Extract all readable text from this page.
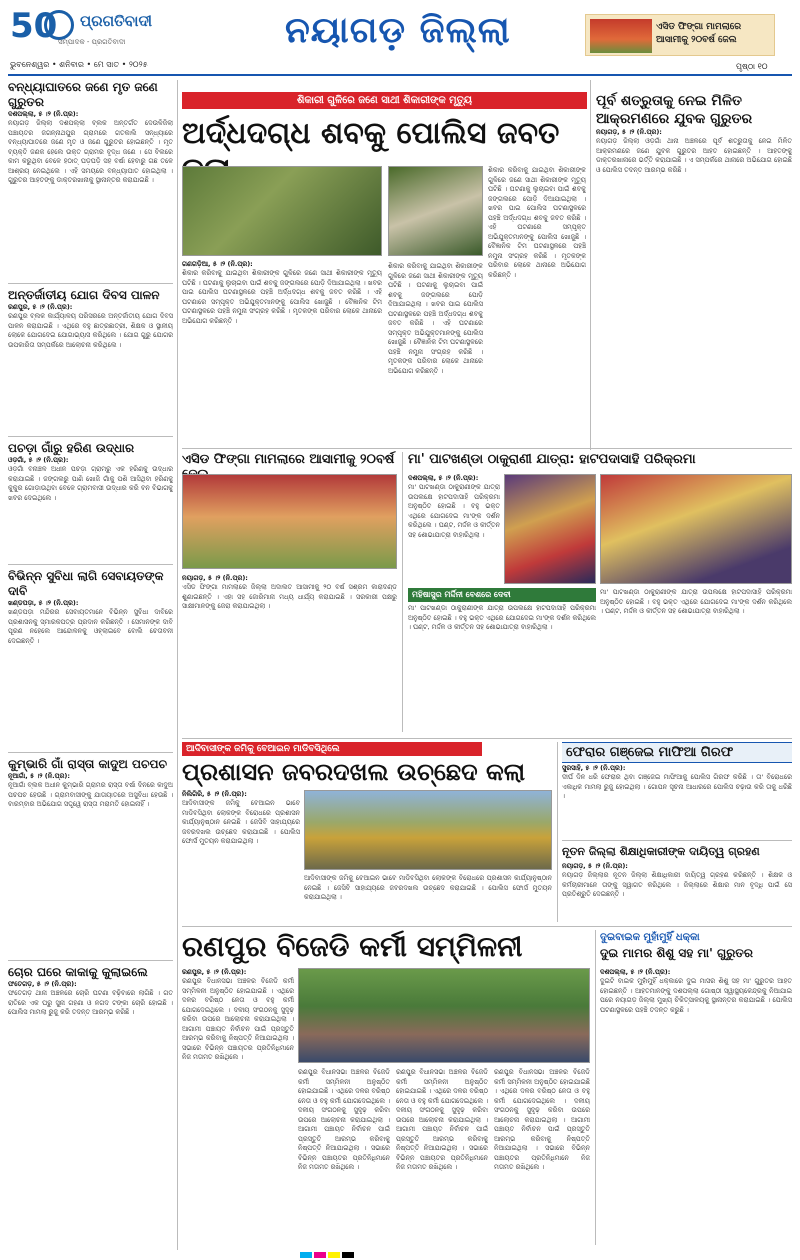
50 ପ୍ରଗତିବାଦୀ
ସମ୍ପାଦକ - ପ୍ରଗତିବାଦୀ
ଭୁବନେଶ୍ୱର • ଶନିବାର • ମେ ସାତ • ୨୦୨୫
ନୟାଗଡ଼ ଜିଲ୍ଲା	ଏସିଡ ଫିଙ୍ଗା ମାମଲାରେ ଆସାମୀକୁ ୨୦ବର୍ଷ ଜେଲ
ପୃଷ୍ଠା ୧୦
ବନ୍ଧ୍ୟାଘାତରେ ଜଣେ ମୃତ ଜଣେ ଗୁରୁତର
ଦଶପଲ୍ଲା, ୫ ।୨ (ନି.ପ୍ର):
ନୟାଗଡ଼ ଜିଲ୍ଲା ଦଶପଲ୍ଲା ବ୍ଲକ ଅନ୍ତର୍ଗତ ଦେଉଳିଜିଲା ପଞ୍ଚାୟତର ଜଗନ୍ନାଥପୁର ଗ୍ରାମରେ ଗତକାଲି ସନ୍ଧ୍ୟାରେ ବନ୍ଧ୍ୟାଘାତରେ ଜଣେ ମୃତ ଓ ଜଣେ ଗୁରୁତର ହୋଇଛନ୍ତି । ମୃତ ବ୍ୟକ୍ତି ଜଣକ ହେଲେ ଉକ୍ତ ଗ୍ରାମର ବୃଦ୍ଧ ଜଣେ । ସେ ବିଲରେ କାମ କରୁଥିବା ବେଳେ ହଠାତ୍ ଘଡ଼ଘଡ଼ି ସହ ବର୍ଷା ହେବାରୁ ଗଛ ତଳେ ଆଶ୍ରୟ ନେଇଥିଲେ । ଏହି ସମୟରେ ବନ୍ଧ୍ୟାଘାତ ହୋଇଥିଲା । ଗୁରୁତର ଆହତଙ୍କୁ ଡାକ୍ତରଖାନାକୁ ସ୍ଥାନାନ୍ତର କରାଯାଇଛି ।
ଅନ୍ତର୍ଜାତୀୟ ଯୋଗ ଦିବସ ପାଳନ
ରଣପୁର, ୫ ।୨ (ନି.ପ୍ର):
ରଣପୁର ବ୍ଲକ କାର୍ଯ୍ୟାଳୟ ପରିସରରେ ଅନ୍ତର୍ଜାତୀୟ ଯୋଗ ଦିବସ ପାଳନ କରାଯାଇଛି । ଏଥିରେ ବହୁ ଛାତ୍ରଛାତ୍ରୀ, ଶିକ୍ଷକ ଓ ସ୍ଥାନୀୟ ଲୋକେ ଯୋଗଦେଇ ଯୋଗାଭ୍ୟାସ କରିଥିଲେ । ଯୋଗ ଗୁରୁ ଯୋଗର ଉପକାରିତା ସମ୍ପର୍କରେ ଆଲୋଚନା କରିଥିଲେ ।
ପଚଡ଼ା ଗାଁରୁ ହରିଣ ଉଦ୍ଧାର
ଓଡ଼ଗାଁ, ୫ ।୨ (ନି.ପ୍ର):
ଓଡ଼ଗାଁ ବନାଞ୍ଚଳ ଅଧୀନ ପଚଡ଼ା ଗ୍ରାମରୁ ଏକ ହରିଣକୁ ଉଦ୍ଧାର କରାଯାଇଛି । ଜଙ୍ଗଲରୁ ପାଣି ଖୋଜି ଗାଁକୁ ପଶି ଆସିଥିବା ହରିଣକୁ କୁକୁର ଗୋଡ଼ାଉଥିବା ବେଳେ ଗ୍ରାମବାସୀ ଉଦ୍ଧାର କରି ବନ ବିଭାଗକୁ ଖବର ଦେଇଥିଲେ ।
ବିଭିନ୍ନ ସୁବିଧା ଲାଗି ସେବାୟତଙ୍କ ଦାବି
ଖଣ୍ଡପଡ଼ା, ୫ ।୨ (ନି.ପ୍ର):
ଖଣ୍ଡପଡ଼ା ମନ୍ଦିରର ସେବାୟତମାନେ ବିଭିନ୍ନ ସୁବିଧା ଦାବିରେ ପ୍ରଶାସନକୁ ସ୍ମାରକପତ୍ର ପ୍ରଦାନ କରିଛନ୍ତି । ସେମାନଙ୍କ ଦାବି ପୂରଣ ନହେଲେ ଆନ୍ଦୋଳନକୁ ଓହ୍ଲାଇବେ ବୋଲି ଚେତାବନୀ ଦେଇଛନ୍ତି ।
କୁମ୍ଭାରି ଗାଁ ରାସ୍ତା କାଦୁଅ ପଚପଚ
ନୂଆଗାଁ, ୫ ।୨ (ନି.ପ୍ର):
ନୂଆଗାଁ ବ୍ଲକ ଅଧୀନ କୁମ୍ଭାରି ଗ୍ରାମର ରାସ୍ତା ବର୍ଷା ଦିନରେ କାଦୁଅ ପଚପଚ ହେଉଛି । ଗ୍ରାମବାସୀଙ୍କୁ ଯାତାୟାତରେ ଅସୁବିଧା ହେଉଛି । ବାରମ୍ବାର ଅଭିଯୋଗ ସତ୍ତ୍ୱେ ରାସ୍ତା ମରାମତି ହୋଇନାହିଁ ।
ଚୋର ଘରେ କାକାକୁ କୁଲାଇଲେ
ଫତେଗଡ଼, ୫ ।୨ (ନି.ପ୍ର):
ଫତେଗଡ଼ ଥାନା ଅଞ୍ଚଳରେ ଚୋରି ଘଟଣା ବଢ଼ିବାରେ ଲାଗିଛି । ଗତ ରାତିରେ ଏକ ଘରୁ ସୁନା ଗହଣା ଓ ନଗଦ ଟଙ୍କା ଚୋରି ହୋଇଛି । ପୋଲିସ ମାମଲା ରୁଜୁ କରି ତଦନ୍ତ ଆରମ୍ଭ କରିଛି ।
ଶିକାରୀ ଗୁଳିରେ ଜଣେ ସାଥୀ ଶିକାରୀଙ୍କ ମୃତ୍ୟୁ
ଅର୍ଦ୍ଧଦଗ୍ଧ ଶବକୁ ପୋଲିସ ଜବତ
ଗଣଗଡ଼ିଆ, ୫ ।୨ (ନି.ପ୍ର):
ଶିକାର କରିବାକୁ ଯାଇଥିବା ଶିକାରୀଙ୍କ ଗୁଳିରେ ଜଣେ ସାଥୀ ଶିକାରୀଙ୍କ ମୃତ୍ୟୁ ଘଟିଛି । ଘଟଣାକୁ ଲୁଚାଇବା ପାଇଁ ଶବକୁ ଜଙ୍ଗଲରେ ପୋଡ଼ି ଦିଆଯାଇଥିଲା । ଖବର ପାଇ ପୋଲିସ ଘଟଣାସ୍ଥଳରେ ପହଞ୍ଚି ଅର୍ଦ୍ଧଦଗ୍ଧ ଶବକୁ ଜବତ କରିଛି । ଏହି ଘଟଣାରେ ସମ୍ପୃକ୍ତ ଅଭିଯୁକ୍ତମାନଙ୍କୁ ପୋଲିସ ଖୋଜୁଛି । ବୈଜ୍ଞାନିକ ଟିମ ଘଟଣାସ୍ଥଳରେ ପହଞ୍ଚି ନମୁନା ସଂଗ୍ରହ କରିଛି । ମୃତକଙ୍କ ପରିବାର ଲୋକେ ଥାନାରେ ଅଭିଯୋଗ କରିଛନ୍ତି ।
ଶିକାର କରିବାକୁ ଯାଇଥିବା ଶିକାରୀଙ୍କ ଗୁଳିରେ ଜଣେ ସାଥୀ ଶିକାରୀଙ୍କ ମୃତ୍ୟୁ ଘଟିଛି । ଘଟଣାକୁ ଲୁଚାଇବା ପାଇଁ ଶବକୁ ଜଙ୍ଗଲରେ ପୋଡ଼ି ଦିଆଯାଇଥିଲା । ଖବର ପାଇ ପୋଲିସ ଘଟଣାସ୍ଥଳରେ ପହଞ୍ଚି ଅର୍ଦ୍ଧଦଗ୍ଧ ଶବକୁ ଜବତ କରିଛି । ଏହି ଘଟଣାରେ ସମ୍ପୃକ୍ତ ଅଭିଯୁକ୍ତମାନଙ୍କୁ ପୋଲିସ ଖୋଜୁଛି । ବୈଜ୍ଞାନିକ ଟିମ ଘଟଣାସ୍ଥଳରେ ପହଞ୍ଚି ନମୁନା ସଂଗ୍ରହ କରିଛି । ମୃତକଙ୍କ ପରିବାର ଲୋକେ ଥାନାରେ ଅଭିଯୋଗ କରିଛନ୍ତି ।
ଶିକାର କରିବାକୁ ଯାଇଥିବା ଶିକାରୀଙ୍କ ଗୁଳିରେ ଜଣେ ସାଥୀ ଶିକାରୀଙ୍କ ମୃତ୍ୟୁ ଘଟିଛି । ଘଟଣାକୁ ଲୁଚାଇବା ପାଇଁ ଶବକୁ ଜଙ୍ଗଲରେ ପୋଡ଼ି ଦିଆଯାଇଥିଲା । ଖବର ପାଇ ପୋଲିସ ଘଟଣାସ୍ଥଳରେ ପହଞ୍ଚି ଅର୍ଦ୍ଧଦଗ୍ଧ ଶବକୁ ଜବତ କରିଛି । ଏହି ଘଟଣାରେ ସମ୍ପୃକ୍ତ ଅଭିଯୁକ୍ତମାନଙ୍କୁ ପୋଲିସ ଖୋଜୁଛି । ବୈଜ୍ଞାନିକ ଟିମ ଘଟଣାସ୍ଥଳରେ ପହଞ୍ଚି ନମୁନା ସଂଗ୍ରହ କରିଛି । ମୃତକଙ୍କ ପରିବାର ଲୋକେ ଥାନାରେ ଅଭିଯୋଗ କରିଛନ୍ତି ।
ପୂର୍ବ ଶତ୍ରୁତାକୁ ନେଇ ମିଳିତ ଆକ୍ରମଣରେ ଯୁବକ ଗୁରୁତର
ନୟାଗଡ଼, ୫ ।୨ (ନି.ପ୍ର):
ନୟାଗଡ଼ ଜିଲ୍ଲା ଓଡ଼ଗାଁ ଥାନା ଅଞ୍ଚଳରେ ପୂର୍ବ ଶତ୍ରୁତାକୁ ନେଇ ମିଳିତ ଆକ୍ରମଣରେ ଜଣେ ଯୁବକ ଗୁରୁତର ଆହତ ହୋଇଛନ୍ତି । ଆହତଙ୍କୁ ଡାକ୍ତରଖାନାରେ ଭର୍ତ୍ତି କରାଯାଇଛି । ଏ ସମ୍ପର୍କରେ ଥାନାରେ ଅଭିଯୋଗ ହୋଇଛି ଓ ପୋଲିସ ତଦନ୍ତ ଆରମ୍ଭ କରିଛି ।
ଏସିଡ ଫିଙ୍ଗା ମାମଲାରେ ଆସାମୀକୁ ୨୦ବର୍ଷ
ନୟାଗଡ଼, ୫ ।୨ (ନି.ପ୍ର):
ଏସିଡ ଫିଙ୍ଗା ମାମଲାରେ ଜିଲ୍ଲା ଅଦାଲତ ଆସାମୀକୁ ୨୦ ବର୍ଷ ସଶ୍ରମ କାରାଦଣ୍ଡ ଶୁଣାଇଛନ୍ତି । ଏହା ସହ ଜୋରିମାନା ମଧ୍ୟ ଧାର୍ଯ୍ୟ କରାଯାଇଛି । ସରକାରୀ ପକ୍ଷରୁ ସାକ୍ଷୀମାନଙ୍କୁ ଜେରା କରାଯାଇଥିଲା ।
ମା' ପାଟଖଣ୍ଡା ଠାକୁରାଣୀ ଯାତ୍ରା: ହାଟପଦାସାହି ପରିକ୍ରମା
ଦଶପଲ୍ଲା, ୫ ।୨ (ନି.ପ୍ର):
ମା' ପାଟଖଣ୍ଡା ଠାକୁରାଣୀଙ୍କ ଯାତ୍ରା ଉପଲକ୍ଷେ ହାଟପଦାସାହି ପରିକ୍ରମା ଅନୁଷ୍ଠିତ ହୋଇଛି । ବହୁ ଭକ୍ତ ଏଥିରେ ଯୋଗଦେଇ ମା'ଙ୍କ ଦର୍ଶନ କରିଥିଲେ । ଘଣ୍ଟ, ମର୍ଦ୍ଦଳ ଓ କୀର୍ତ୍ତନ ସହ ଶୋଭାଯାତ୍ରା ବାହାରିଥିଲା ।
ମହିଷାସୁର ମର୍ଦ୍ଦିନୀ ବେଶରେ ଦେବୀ
ମା' ପାଟଖଣ୍ଡା ଠାକୁରାଣୀଙ୍କ ଯାତ୍ରା ଉପଲକ୍ଷେ ହାଟପଦାସାହି ପରିକ୍ରମା ଅନୁଷ୍ଠିତ ହୋଇଛି । ବହୁ ଭକ୍ତ ଏଥିରେ ଯୋଗଦେଇ ମା'ଙ୍କ ଦର୍ଶନ କରିଥିଲେ । ଘଣ୍ଟ, ମର୍ଦ୍ଦଳ ଓ କୀର୍ତ୍ତନ ସହ ଶୋଭାଯାତ୍ରା ବାହାରିଥିଲା ।
ମା' ପାଟଖଣ୍ଡା ଠାକୁରାଣୀଙ୍କ ଯାତ୍ରା ଉପଲକ୍ଷେ ହାଟପଦାସାହି ପରିକ୍ରମା ଅନୁଷ୍ଠିତ ହୋଇଛି । ବହୁ ଭକ୍ତ ଏଥିରେ ଯୋଗଦେଇ ମା'ଙ୍କ ଦର୍ଶନ କରିଥିଲେ । ଘଣ୍ଟ, ମର୍ଦ୍ଦଳ ଓ କୀର୍ତ୍ତନ ସହ ଶୋଭାଯାତ୍ରା ବାହାରିଥିଲା ।
ଆଦିବାସୀଙ୍କ ଜମିକୁ ବେଆଇନ ମାଡିବସିଥିଲେ
ପ୍ରଶାସନ ଜବରଦଖଲ ଉଚ୍ଛେଦ କଲା
ନିଲିଗିରି, ୫ ।୨ (ନି.ପ୍ର):
ଆଦିବାସୀଙ୍କ ଜମିକୁ ବେଆଇନ ଭାବେ ମାଡିବସିଥିବା ଲୋକଙ୍କ ବିରୋଧରେ ପ୍ରଶାସନ କାର୍ଯ୍ୟାନୁଷ୍ଠାନ ନେଇଛି । ଜେସିବି ସାହାଯ୍ୟରେ ଜବରଦଖଲ ଉଚ୍ଛେଦ କରାଯାଇଛି । ପୋଲିସ ଫୋର୍ସ ମୁତୟନ କରାଯାଇଥିଲା ।
ଆଦିବାସୀଙ୍କ ଜମିକୁ ବେଆଇନ ଭାବେ ମାଡିବସିଥିବା ଲୋକଙ୍କ ବିରୋଧରେ ପ୍ରଶାସନ କାର୍ଯ୍ୟାନୁଷ୍ଠାନ ନେଇଛି । ଜେସିବି ସାହାଯ୍ୟରେ ଜବରଦଖଲ ଉଚ୍ଛେଦ କରାଯାଇଛି । ପୋଲିସ ଫୋର୍ସ ମୁତୟନ କରାଯାଇଥିଲା ।
ଫେରାର ଗଞ୍ଜେଇ ମାଫିଆ ଗିରଫ
ସୁରସାହି, ୫ ।୨ (ନି.ପ୍ର):
ଦୀର୍ଘ ଦିନ ଧରି ଫେରାର ଥିବା ଗଞ୍ଜେଇ ମାଫିଆକୁ ପୋଲିସ ଗିରଫ କରିଛି । ତା' ବିରୋଧରେ ଏକାଧିକ ମାମଲା ରୁଜୁ ହୋଇଥିଲା । ଗୋପନ ସୂଚନା ଆଧାରରେ ପୋଲିସ ଚଢ଼ାଉ କରି ତାକୁ ଧରିଛି ।
ନୂତନ ଜିଲ୍ଲା ଶିକ୍ଷାଧିକାରୀଙ୍କ ଦାୟିତ୍ୱ ଗ୍ରହଣ
ନୟାଗଡ଼, ୫ ।୨ (ନି.ପ୍ର):
ନୟାଗଡ଼ ଜିଲ୍ଲାର ନୂତନ ଜିଲ୍ଲା ଶିକ୍ଷାଧିକାରୀ ଦାୟିତ୍ୱ ଗ୍ରହଣ କରିଛନ୍ତି । ଶିକ୍ଷକ ଓ କର୍ମଚାରୀମାନେ ତାଙ୍କୁ ସ୍ୱାଗତ କରିଥିଲେ । ଜିଲ୍ଲାରେ ଶିକ୍ଷାର ମାନ ବୃଦ୍ଧି ପାଇଁ ସେ ପ୍ରତିଶ୍ରୁତି ଦେଇଛନ୍ତି ।
ରଣପୁର ବିଜେଡି କର୍ମୀ ସମ୍ମିଳନୀ
ରଣପୁର, ୫ ।୨ (ନି.ପ୍ର):
ରଣପୁର ବିଧାନସଭା ଅଞ୍ଚଳର ବିଜେଡି କର୍ମୀ ସମ୍ମିଳନୀ ଅନୁଷ୍ଠିତ ହୋଇଯାଇଛି । ଏଥିରେ ଦଳର ବରିଷ୍ଠ ନେତା ଓ ବହୁ କର୍ମୀ ଯୋଗଦେଇଥିଲେ । ଦଳୀୟ ସଂଗଠନକୁ ସୁଦୃଢ଼ କରିବା ଉପରେ ଆଲୋଚନା କରାଯାଇଥିଲା । ଆଗାମୀ ପଞ୍ଚାୟତ ନିର୍ବାଚନ ପାଇଁ ପ୍ରସ୍ତୁତି ଆରମ୍ଭ କରିବାକୁ ନିଷ୍ପତ୍ତି ନିଆଯାଇଥିଲା । ସଭାରେ ବିଭିନ୍ନ ପଞ୍ଚାୟତର ପ୍ରତିନିଧିମାନେ ନିଜ ମତାମତ ରଖିଥିଲେ ।
ରଣପୁର ବିଧାନସଭା ଅଞ୍ଚଳର ବିଜେଡି କର୍ମୀ ସମ୍ମିଳନୀ ଅନୁଷ୍ଠିତ ହୋଇଯାଇଛି । ଏଥିରେ ଦଳର ବରିଷ୍ଠ ନେତା ଓ ବହୁ କର୍ମୀ ଯୋଗଦେଇଥିଲେ । ଦଳୀୟ ସଂଗଠନକୁ ସୁଦୃଢ଼ କରିବା ଉପରେ ଆଲୋଚନା କରାଯାଇଥିଲା । ଆଗାମୀ ପଞ୍ଚାୟତ ନିର୍ବାଚନ ପାଇଁ ପ୍ରସ୍ତୁତି ଆରମ୍ଭ କରିବାକୁ ନିଷ୍ପତ୍ତି ନିଆଯାଇଥିଲା । ସଭାରେ ବିଭିନ୍ନ ପଞ୍ଚାୟତର ପ୍ରତିନିଧିମାନେ ନିଜ ମତାମତ ରଖିଥିଲେ ।
ରଣପୁର ବିଧାନସଭା ଅଞ୍ଚଳର ବିଜେଡି କର୍ମୀ ସମ୍ମିଳନୀ ଅନୁଷ୍ଠିତ ହୋଇଯାଇଛି । ଏଥିରେ ଦଳର ବରିଷ୍ଠ ନେତା ଓ ବହୁ କର୍ମୀ ଯୋଗଦେଇଥିଲେ । ଦଳୀୟ ସଂଗଠନକୁ ସୁଦୃଢ଼ କରିବା ଉପରେ ଆଲୋଚନା କରାଯାଇଥିଲା । ଆଗାମୀ ପଞ୍ଚାୟତ ନିର୍ବାଚନ ପାଇଁ ପ୍ରସ୍ତୁତି ଆରମ୍ଭ କରିବାକୁ ନିଷ୍ପତ୍ତି ନିଆଯାଇଥିଲା । ସଭାରେ ବିଭିନ୍ନ ପଞ୍ଚାୟତର ପ୍ରତିନିଧିମାନେ ନିଜ ମତାମତ ରଖିଥିଲେ ।
ରଣପୁର ବିଧାନସଭା ଅଞ୍ଚଳର ବିଜେଡି କର୍ମୀ ସମ୍ମିଳନୀ ଅନୁଷ୍ଠିତ ହୋଇଯାଇଛି । ଏଥିରେ ଦଳର ବରିଷ୍ଠ ନେତା ଓ ବହୁ କର୍ମୀ ଯୋଗଦେଇଥିଲେ । ଦଳୀୟ ସଂଗଠନକୁ ସୁଦୃଢ଼ କରିବା ଉପରେ ଆଲୋଚନା କରାଯାଇଥିଲା । ଆଗାମୀ ପଞ୍ଚାୟତ ନିର୍ବାଚନ ପାଇଁ ପ୍ରସ୍ତୁତି ଆରମ୍ଭ କରିବାକୁ ନିଷ୍ପତ୍ତି ନିଆଯାଇଥିଲା । ସଭାରେ ବିଭିନ୍ନ ପଞ୍ଚାୟତର ପ୍ରତିନିଧିମାନେ ନିଜ ମତାମତ ରଖିଥିଲେ ।
ଦୁଇବାଇକ ମୁହାଁମୁହିଁ ଧକ୍କା
ଦୁଇ ମାମର ଶିଶୁ ସହ ମା' ଗୁରୁତର
ଦଶପଲ୍ଲା, ୫ ।୨ (ନି.ପ୍ର):
ଦୁଇଟି ବାଇକ ମୁହାଁମୁହିଁ ଧକ୍କାରେ ଦୁଇ ମାସର ଶିଶୁ ସହ ମା' ଗୁରୁତର ଆହତ ହୋଇଛନ୍ତି । ଆହତମାନଙ୍କୁ ଦଶପଲ୍ଲା ଗୋଷ୍ଠୀ ସ୍ୱାସ୍ଥ୍ୟକେନ୍ଦ୍ରକୁ ନିଆଯାଇ ପରେ ନୟାଗଡ଼ ଜିଲ୍ଲା ମୁଖ୍ୟ ଚିକିତ୍ସାଳୟକୁ ସ୍ଥାନାନ୍ତର କରାଯାଇଛି । ପୋଲିସ ଘଟଣାସ୍ଥଳରେ ପହଞ୍ଚି ତଦନ୍ତ କରୁଛି ।
